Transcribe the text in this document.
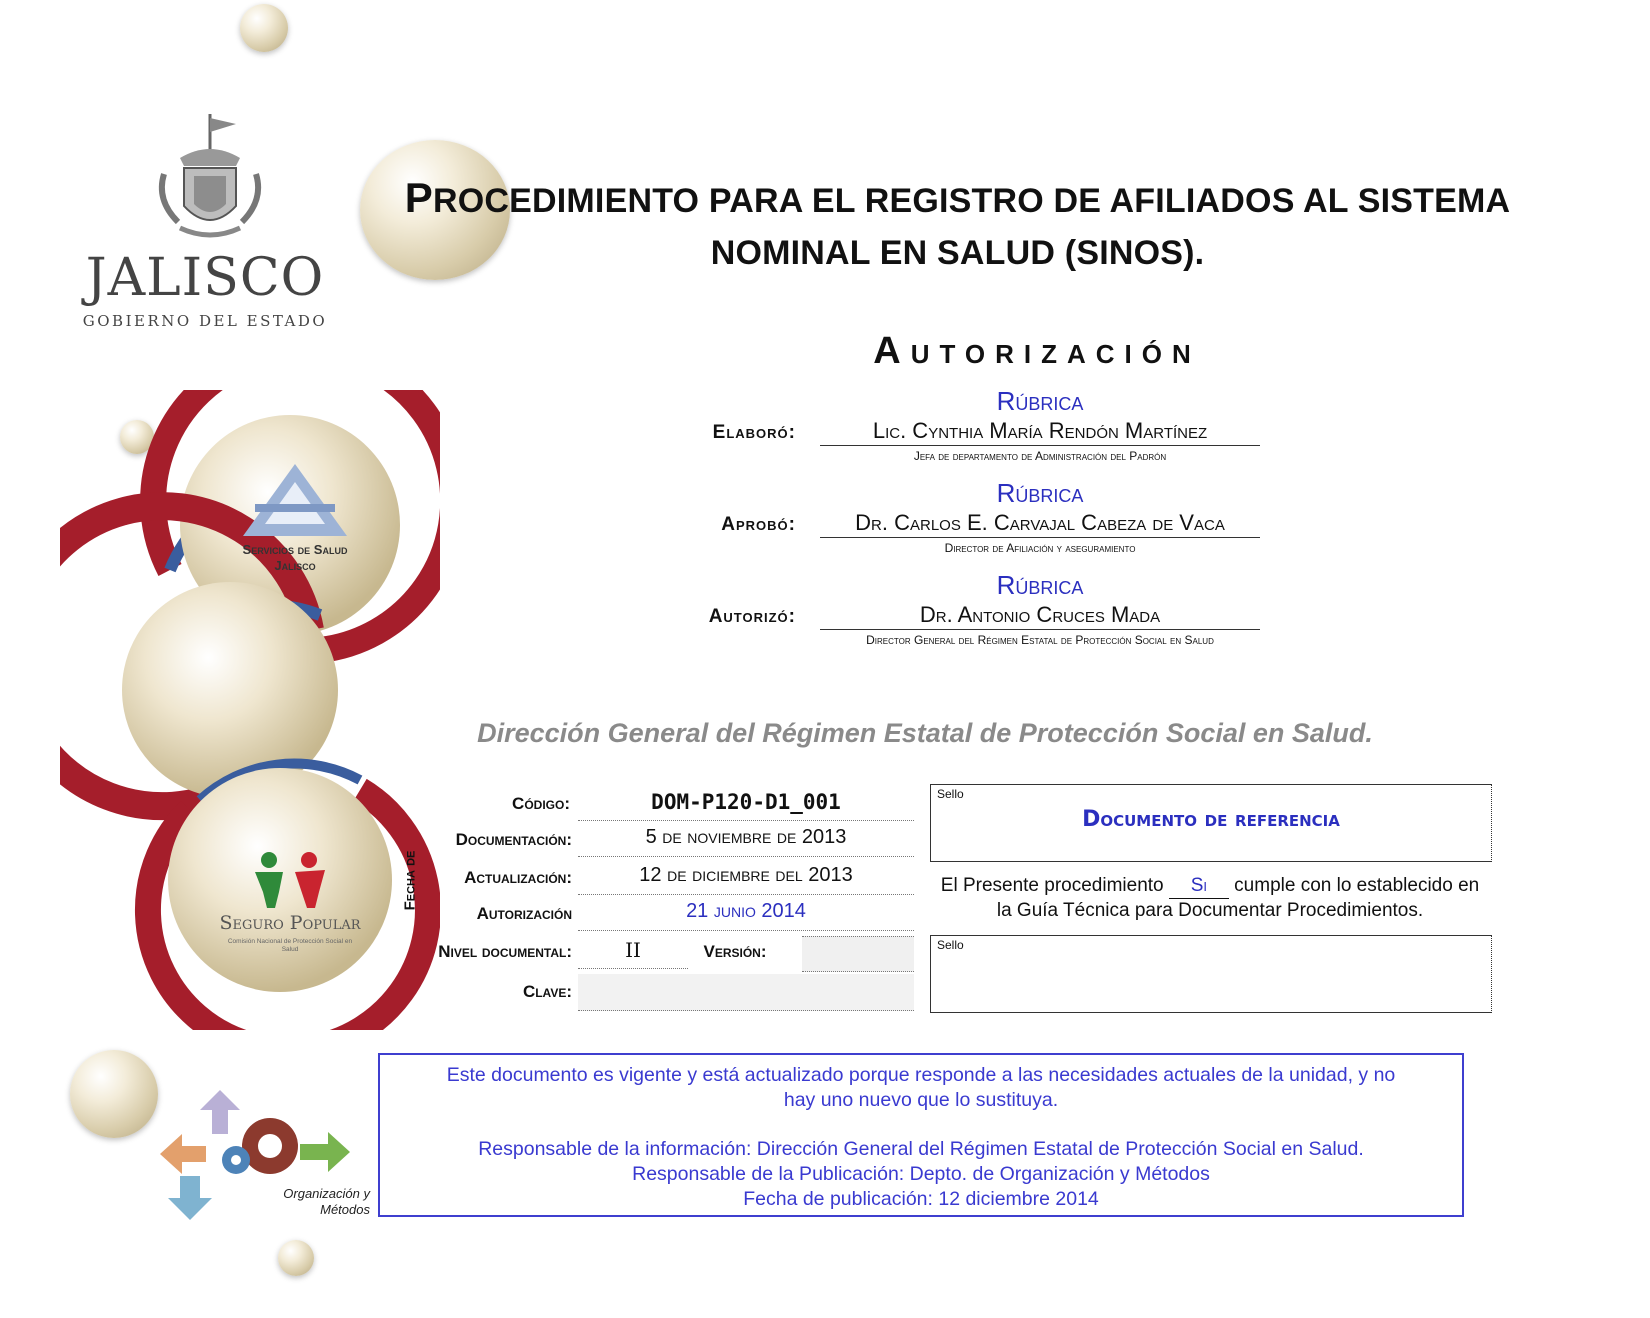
JALISCO
GOBIERNO DEL ESTADO
Servicios de Salud
Jalisco
Seguro Popular
Comisión Nacional de Protección Social en Salud
Organización y
Métodos
PROCEDIMIENTO PARA EL REGISTRO DE AFILIADOS AL SISTEMA
NOMINAL EN SALUD (SINOS).
AUTORIZACIÓN
Elaboró:
Rúbrica
Lic. Cynthia María Rendón Martínez
Jefa de departamento de Administración del Padrón
Aprobó:
Rúbrica
Dr. Carlos E. Carvajal Cabeza de Vaca
Director de Afiliación y aseguramiento
Autorizó:
Rúbrica
Dr. Antonio Cruces Mada
Director General del Régimen Estatal de Protección Social en Salud
Dirección General del Régimen Estatal de Protección Social en Salud.
Código:	DOM-P120-D1_001
Fecha de
Documentación:	5 de noviembre de 2013
Actualización:	12 de diciembre del 2013
Autorización	21 junio 2014
Nivel documental:	II	Versión:
Clave:
Sello
Documento de referencia
El Presente procedimiento Si cumple con lo establecido en
la Guía Técnica para Documentar Procedimientos.
Sello
Este documento es vigente y está actualizado porque responde a las necesidades actuales de la unidad, y no
hay uno nuevo que lo sustituya.
Responsable de la información: Dirección General del Régimen Estatal de Protección Social en Salud.
Responsable de la Publicación: Depto. de Organización y Métodos
Fecha de publicación: 12 diciembre 2014
